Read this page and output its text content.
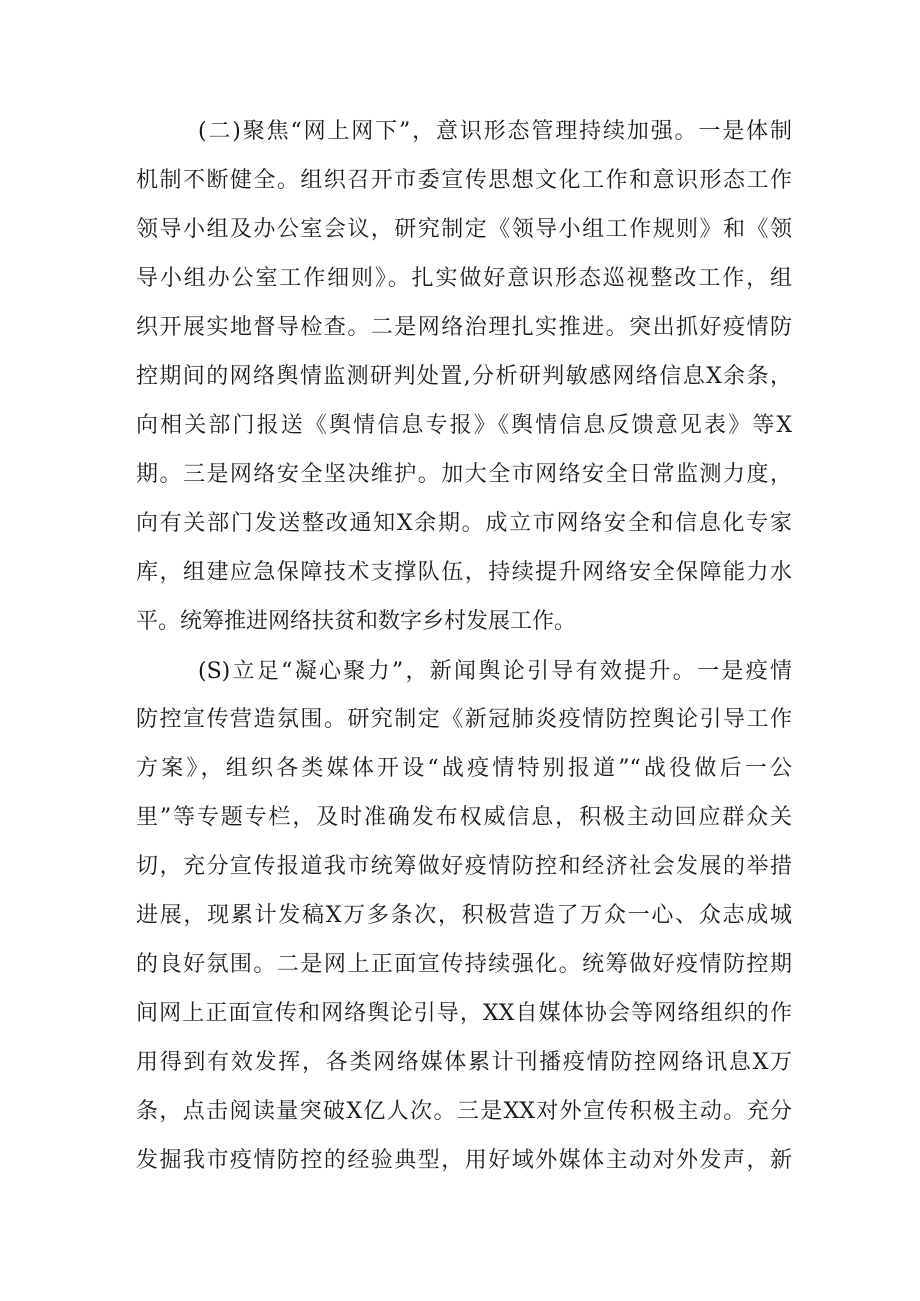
(二)聚焦“网上网下”，意识形态管理持续加强。一是体制
机制不断健全。组织召开市委宣传思想文化工作和意识形态工作
领导小组及办公室会议，研究制定《领导小组工作规则》和《领
导小组办公室工作细则》。扎实做好意识形态巡视整改工作，组
织开展实地督导检查。二是网络治理扎实推进。突出抓好疫情防
控期间的网络舆情监测研判处置,分析研判敏感网络信息X余条，
向相关部门报送《舆情信息专报》《舆情信息反馈意见表》等X
期。三是网络安全坚决维护。加大全市网络安全日常监测力度，
向有关部门发送整改通知X余期。成立市网络安全和信息化专家
库，组建应急保障技术支撑队伍，持续提升网络安全保障能力水
平。统筹推进网络扶贫和数字乡村发展工作。
(S)立足“凝心聚力”，新闻舆论引导有效提升。一是疫情
防控宣传营造氛围。研究制定《新冠肺炎疫情防控舆论引导工作
方案》，组织各类媒体开设“战疫情特别报道”“战役做后一公
里”等专题专栏，及时准确发布权威信息，积极主动回应群众关
切，充分宣传报道我市统筹做好疫情防控和经济社会发展的举措
进展，现累计发稿X万多条次，积极营造了万众一心、众志成城
的良好氛围。二是网上正面宣传持续强化。统筹做好疫情防控期
间网上正面宣传和网络舆论引导，XX自媒体协会等网络组织的作
用得到有效发挥，各类网络媒体累计刊播疫情防控网络讯息X万
条，点击阅读量突破X亿人次。三是XX对外宣传积极主动。充分
发掘我市疫情防控的经验典型，用好域外媒体主动对外发声，新
